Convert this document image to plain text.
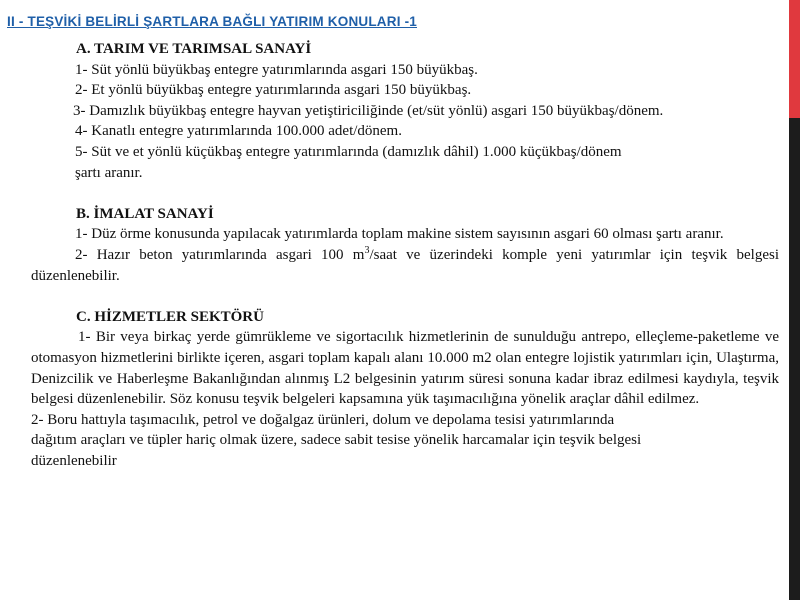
II - TEŞVİKİ BELİRLİ ŞARTLARA BAĞLI YATIRIM KONULARI -1

A. TARIM VE TARIMSAL SANAYİ

1- Süt yönlü büyükbaş entegre yatırımlarında asgari 150 büyükbaş.

2- Et yönlü büyükbaş entegre yatırımlarında asgari 150 büyükbaş.

3- Damızlık büyükbaş entegre hayvan yetiştiriciliğinde (et/süt yönlü) asgari 150 büyükbaş/dönem.

4- Kanatlı entegre yatırımlarında 100.000 adet/dönem.

5- Süt ve et yönlü küçükbaş entegre yatırımlarında (damızlık dâhil) 1.000 küçükbaş/dönem

şartı aranır.

B. İMALAT SANAYİ

1- Düz örme konusunda yapılacak yatırımlarda toplam makine sistem sayısının asgari 60 olması şartı aranır.

2- Hazır beton yatırımlarında asgari 100 $m^3$/saat ve üzerindeki komple yeni yatırımlar için teşvik belgesi düzenlenebilir.

C. HİZMETLER SEKTÖRÜ

1- Bir veya birkaç yerde gümrükleme ve sigortacılık hizmetlerinin de sunulduğu antrepo, elleçleme-paketleme ve otomasyon hizmetlerini birlikte içeren, asgari toplam kapalı alanı 10.000 m2 olan entegre lojistik yatırımları için, Ulaştırma, Denizcilik ve Haberleşme Bakanlığından alınmış L2 belgesinin yatırım süresi sonuna kadar ibraz edilmesi kaydıyla, teşvik belgesi düzenlenebilir. Söz konusu teşvik belgeleri kapsamına yük taşımacılığına yönelik araçlar dâhil edilmez.

2- Boru hattıyla taşımacılık, petrol ve doğalgaz ürünleri, dolum ve depolama tesisi yatırımlarında

dağıtım araçları ve tüpler hariç olmak üzere, sadece sabit tesise yönelik harcamalar için teşvik belgesi

düzenlenebilir
